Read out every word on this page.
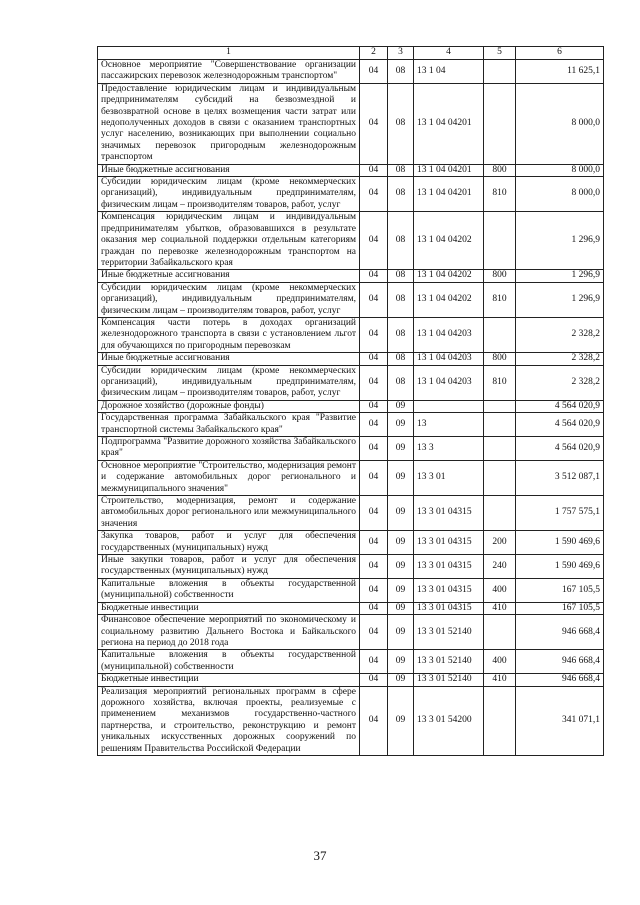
1	2	3	4	5	6
Основное мероприятие "Совершенствование организации пассажирских перевозок железнодорожным транспортом"	04	08	13 1 04		11 625,1
Предоставление юридическим лицам и индивидуальным предпринимателям субсидий на безвозмездной и безвозвратной основе в целях возмещения части затрат или недополученных доходов в связи с оказанием транспортных услуг населению, возникающих при выполнении социально значимых перевозок пригородным железнодорожным транспортом	04	08	13 1 04 04201		8 000,0
Иные бюджетные ассигнования	04	08	13 1 04 04201	800	8 000,0
Субсидии юридическим лицам (кроме некоммерческих организаций), индивидуальным предпринимателям, физическим лицам – производителям товаров, работ, услуг	04	08	13 1 04 04201	810	8 000,0
Компенсация юридическим лицам и индивидуальным предпринимателям убытков, образовавшихся в результате оказания мер социальной поддержки отдельным категориям граждан по перевозке железнодорожным транспортом на территории Забайкальского края	04	08	13 1 04 04202		1 296,9
Иные бюджетные ассигнования	04	08	13 1 04 04202	800	1 296,9
Субсидии юридическим лицам (кроме некоммерческих организаций), индивидуальным предпринимателям, физическим лицам – производителям товаров, работ, услуг	04	08	13 1 04 04202	810	1 296,9
Компенсация части потерь в доходах организаций железнодорожного транспорта в связи с установлением льгот для обучающихся по пригородным перевозкам	04	08	13 1 04 04203		2 328,2
Иные бюджетные ассигнования	04	08	13 1 04 04203	800	2 328,2
Субсидии юридическим лицам (кроме некоммерческих организаций), индивидуальным предпринимателям, физическим лицам – производителям товаров, работ, услуг	04	08	13 1 04 04203	810	2 328,2
Дорожное хозяйство (дорожные фонды)	04	09			4 564 020,9
Государственная программа Забайкальского края "Развитие транспортной системы Забайкальского края"	04	09	13		4 564 020,9
Подпрограмма "Развитие дорожного хозяйства Забайкальского края"	04	09	13 3		4 564 020,9
Основное мероприятие "Строительство, модернизация ремонт и содержание автомобильных дорог регионального и межмуниципального значения"	04	09	13 3 01		3 512 087,1
Строительство, модернизация, ремонт и содержание автомобильных дорог регионального или межмуниципального значения	04	09	13 3 01 04315		1 757 575,1
Закупка товаров, работ и услуг для обеспечения государственных (муниципальных) нужд	04	09	13 3 01 04315	200	1 590 469,6
Иные закупки товаров, работ и услуг для обеспечения государственных (муниципальных) нужд	04	09	13 3 01 04315	240	1 590 469,6
Капитальные вложения в объекты государственной (муниципальной) собственности	04	09	13 3 01 04315	400	167 105,5
Бюджетные инвестиции	04	09	13 3 01 04315	410	167 105,5
Финансовое обеспечение мероприятий по экономическому и социальному развитию Дальнего Востока и Байкальского региона на период до 2018 года	04	09	13 3 01 52140		946 668,4
Капитальные вложения в объекты государственной (муниципальной) собственности	04	09	13 3 01 52140	400	946 668,4
Бюджетные инвестиции	04	09	13 3 01 52140	410	946 668,4
Реализация мероприятий региональных программ в сфере дорожного хозяйства, включая проекты, реализуемые с применением механизмов государственно-частного партнерства, и строительство, реконструкцию и ремонт уникальных искусственных дорожных сооружений по решениям Правительства Российской Федерации	04	09	13 3 01 54200		341 071,1
37
